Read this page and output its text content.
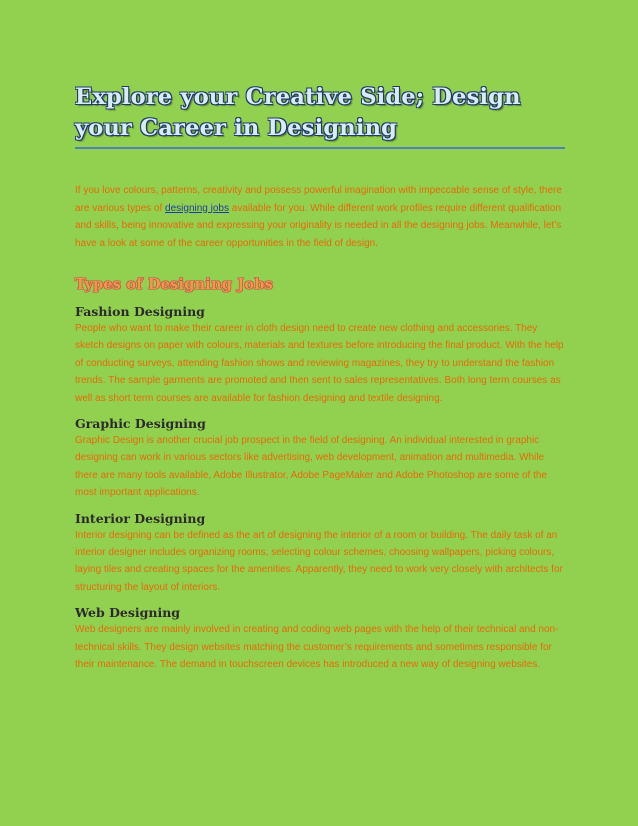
Explore your Creative Side; Design
your Career in Designing

If you love colours, patterns, creativity and possess powerful imagination with impeccable sense of style, there are various types of designing jobs available for you. While different work profiles require different qualification and skills, being innovative and expressing your originality is needed in all the designing jobs. Meanwhile, let’s have a look at some of the career opportunities in the field of design.

Types of Designing Jobs
Fashion Designing

People who want to make their career in cloth design need to create new clothing and accessories. They sketch designs on paper with colours, materials and textures before introducing the final product. With the help of conducting surveys, attending fashion shows and reviewing magazines, they try to understand the fashion trends. The sample garments are promoted and then sent to sales representatives. Both long term courses as well as short term courses are available for fashion designing and textile designing.

Graphic Designing

Graphic Design is another crucial job prospect in the field of designing. An individual interested in graphic designing can work in various sectors like advertising, web development, animation and multimedia. While there are many tools available, Adobe Illustrator, Adobe PageMaker and Adobe Photoshop are some of the most important applications.

Interior Designing

Interior designing can be defined as the art of designing the interior of a room or building. The daily task of an interior designer includes organizing rooms, selecting colour schemes, choosing wallpapers, picking colours, laying tiles and creating spaces for the amenities. Apparently, they need to work very closely with architects for structuring the layout of interiors.

Web Designing

Web designers are mainly involved in creating and coding web pages with the help of their technical and non-technical skills. They design websites matching the customer’s requirements and sometimes responsible for their maintenance. The demand in touchscreen devices has introduced a new way of designing websites.
